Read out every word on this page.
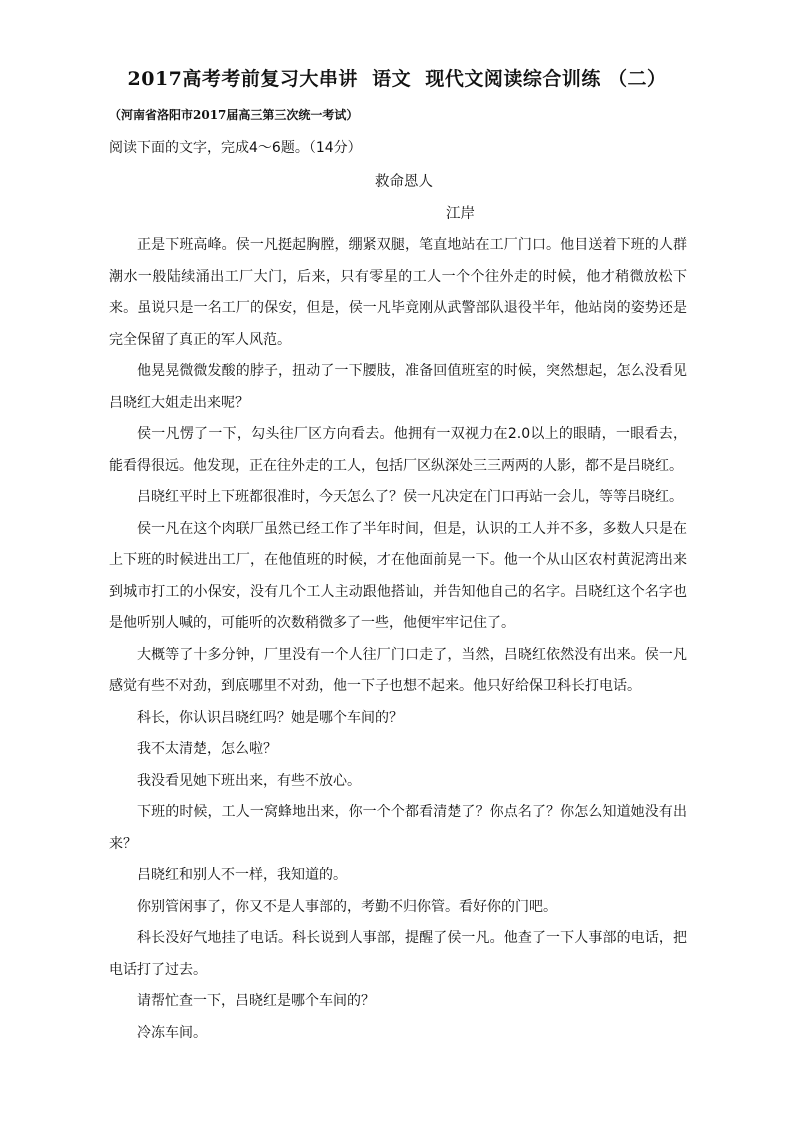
2017高考考前复习大串讲  语文  现代文阅读综合训练 （二）
（河南省洛阳市2017届高三第三次统一考试）
阅读下面的文字，完成4～6题。（14分）
救命恩人
江岸

正是下班高峰。侯一凡挺起胸膛，绷紧双腿，笔直地站在工厂门口。他目送着下班的人群潮水一般陆续涌出工厂大门，后来，只有零星的工人一个个往外走的时候，他才稍微放松下来。虽说只是一名工厂的保安，但是，侯一凡毕竟刚从武警部队退役半年，他站岗的姿势还是完全保留了真正的军人风范。

他晃晃微微发酸的脖子，扭动了一下腰肢，准备回值班室的时候，突然想起，怎么没看见吕晓红大姐走出来呢？

侯一凡愣了一下，勾头往厂区方向看去。他拥有一双视力在2.0以上的眼睛，一眼看去，能看得很远。他发现，正在往外走的工人，包括厂区纵深处三三两两的人影，都不是吕晓红。

吕晓红平时上下班都很准时，今天怎么了？侯一凡决定在门口再站一会儿，等等吕晓红。

侯一凡在这个肉联厂虽然已经工作了半年时间，但是，认识的工人并不多，多数人只是在上下班的时候进出工厂，在他值班的时候，才在他面前晃一下。他一个从山区农村黄泥湾出来到城市打工的小保安，没有几个工人主动跟他搭讪，并告知他自己的名字。吕晓红这个名字也是他听别人喊的，可能听的次数稍微多了一些，他便牢牢记住了。

大概等了十多分钟，厂里没有一个人往厂门口走了，当然，吕晓红依然没有出来。侯一凡感觉有些不对劲，到底哪里不对劲，他一下子也想不起来。他只好给保卫科长打电话。

科长，你认识吕晓红吗？她是哪个车间的？

我不太清楚，怎么啦？

我没看见她下班出来，有些不放心。

下班的时候，工人一窝蜂地出来，你一个个都看清楚了？你点名了？你怎么知道她没有出来？

吕晓红和别人不一样，我知道的。

你别管闲事了，你又不是人事部的，考勤不归你管。看好你的门吧。

科长没好气地挂了电话。科长说到人事部，提醒了侯一凡。他查了一下人事部的电话，把电话打了过去。

请帮忙查一下，吕晓红是哪个车间的？

冷冻车间。
